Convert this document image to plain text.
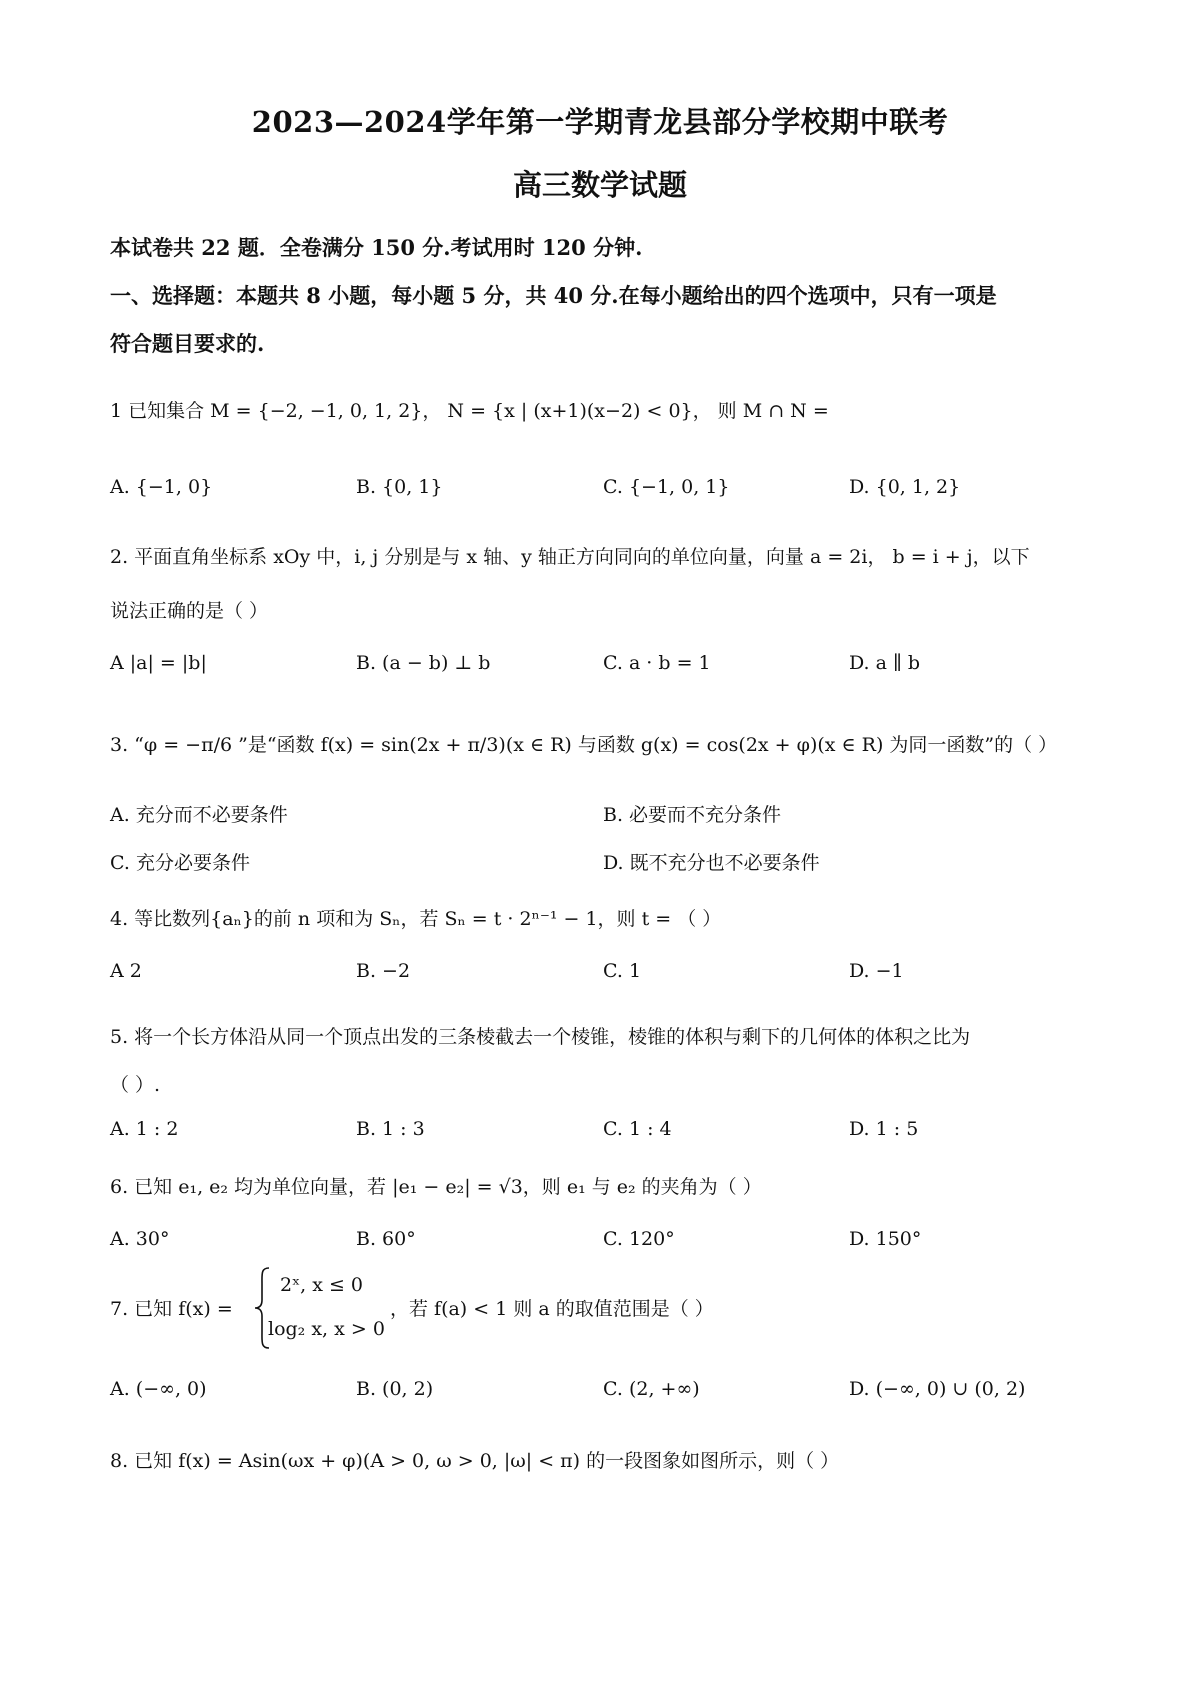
2023—2024学年第一学期青龙县部分学校期中联考
高三数学试题
本试卷共 22 题．全卷满分 150 分.考试用时 120 分钟.
一、选择题：本题共 8 小题，每小题 5 分，共 40 分.在每小题给出的四个选项中，只有一项是
符合题目要求的.
1 已知集合 M = {−2, −1, 0, 1, 2}， N = {x | (x+1)(x−2) < 0}， 则 M ∩ N =
A. {−1, 0}	B. {0, 1}	C. {−1, 0, 1}	D. {0, 1, 2}
2. 平面直角坐标系 xOy 中，i, j 分别是与 x 轴、y 轴正方向同向的单位向量，向量 a = 2i， b = i + j，以下
说法正确的是（ ）
A |a| = |b|	B. (a − b) ⊥ b	C. a · b = 1	D. a ∥ b
3. “φ = −π/6 ”是“函数 f(x) = sin(2x + π/3)(x ∈ R) 与函数 g(x) = cos(2x + φ)(x ∈ R) 为同一函数”的（ ）
A. 充分而不必要条件	B. 必要而不充分条件
C. 充分必要条件	D. 既不充分也不必要条件
4. 等比数列{aₙ}的前 n 项和为 Sₙ，若 Sₙ = t · 2ⁿ⁻¹ − 1，则 t = （ ）
A 2	B. −2	C. 1	D. −1
5. 将一个长方体沿从同一个顶点出发的三条棱截去一个棱锥，棱锥的体积与剩下的几何体的体积之比为
（ ）.
A. 1 : 2	B. 1 : 3	C. 1 : 4	D. 1 : 5
6. 已知 e₁, e₂ 均为单位向量，若 |e₁ − e₂| = √3，则 e₁ 与 e₂ 的夹角为（ ）
A. 30°	B. 60°	C. 120°	D. 150°
7. 已知 f(x) =
2ˣ, x ≤ 0
log₂ x, x > 0
，若 f(a) < 1 则 a 的取值范围是（ ）
A. (−∞, 0)	B. (0, 2)	C. (2, +∞)	D. (−∞, 0) ∪ (0, 2)
8. 已知 f(x) = Asin(ωx + φ)(A > 0, ω > 0, |ω| < π) 的一段图象如图所示，则（ ）
